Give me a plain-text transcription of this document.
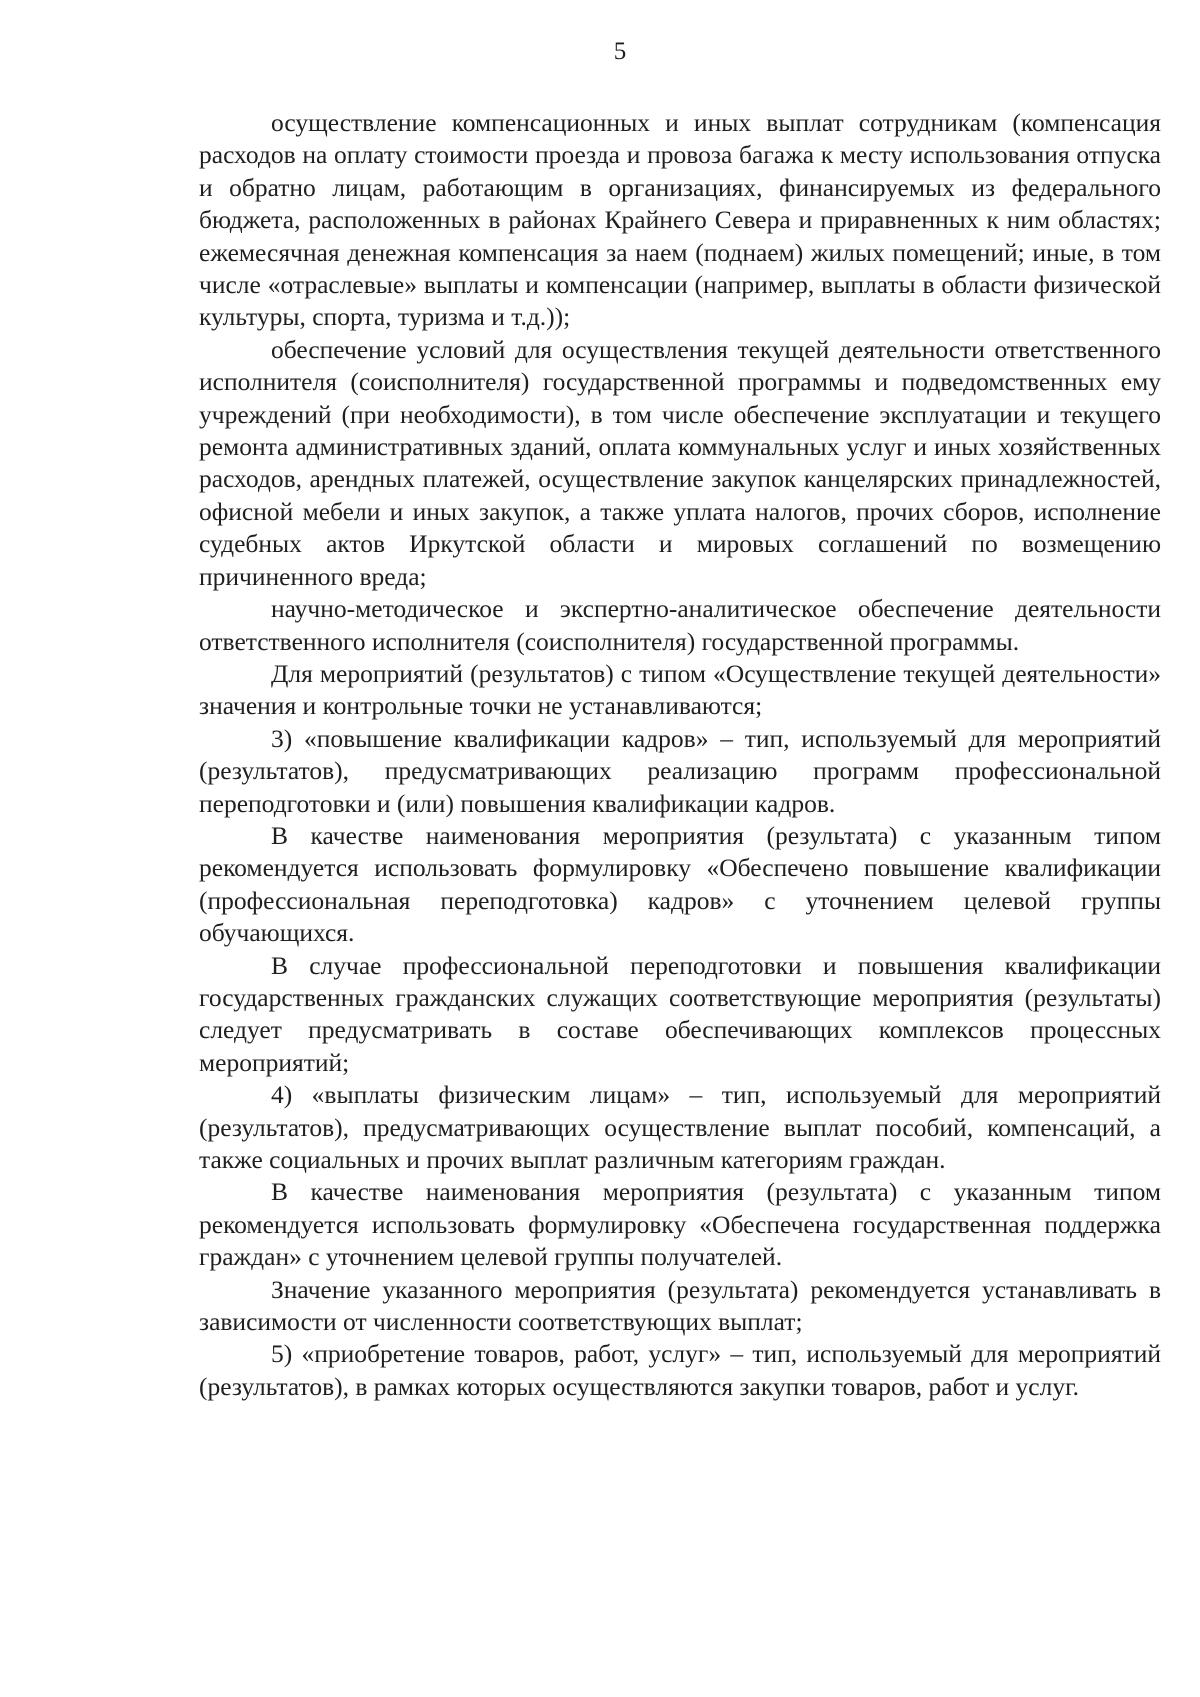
5

осуществление компенсационных и иных выплат сотрудникам (компенсация расходов на оплату стоимости проезда и провоза багажа к месту использования отпуска и обратно лицам, работающим в организациях, финансируемых из федерального бюджета, расположенных в районах Крайнего Севера и приравненных к ним областях; ежемесячная денежная компенсация за наем (поднаем) жилых помещений; иные, в том числе «отраслевые» выплаты и компенсации (например, выплаты в области физической культуры, спорта, туризма и т.д.));

обеспечение условий для осуществления текущей деятельности ответственного исполнителя (соисполнителя) государственной программы и подведомственных ему учреждений (при необходимости), в том числе обеспечение эксплуатации и текущего ремонта административных зданий, оплата коммунальных услуг и иных хозяйственных расходов, арендных платежей, осуществление закупок канцелярских принадлежностей, офисной мебели и иных закупок, а также уплата налогов, прочих сборов, исполнение судебных актов Иркутской области и мировых соглашений по возмещению причиненного вреда;

научно-методическое и экспертно-аналитическое обеспечение деятельности ответственного исполнителя (соисполнителя) государственной программы.

Для мероприятий (результатов) с типом «Осуществление текущей деятельности» значения и контрольные точки не устанавливаются;

3) «повышение квалификации кадров» – тип, используемый для мероприятий (результатов), предусматривающих реализацию программ профессиональной переподготовки и (или) повышения квалификации кадров.

В качестве наименования мероприятия (результата) с указанным типом рекомендуется использовать формулировку «Обеспечено повышение квалификации (профессиональная переподготовка) кадров» с уточнением целевой группы обучающихся.

В случае профессиональной переподготовки и повышения квалификации государственных гражданских служащих соответствующие мероприятия (результаты) следует предусматривать в составе обеспечивающих комплексов процессных мероприятий;

4) «выплаты физическим лицам» – тип, используемый для мероприятий (результатов), предусматривающих осуществление выплат пособий, компенсаций, а также социальных и прочих выплат различным категориям граждан.

В качестве наименования мероприятия (результата) с указанным типом рекомендуется использовать формулировку «Обеспечена государственная поддержка граждан» с уточнением целевой группы получателей.

Значение указанного мероприятия (результата) рекомендуется устанавливать в зависимости от численности соответствующих выплат;

5) «приобретение товаров, работ, услуг» – тип, используемый для мероприятий (результатов), в рамках которых осуществляются закупки товаров, работ и услуг.
